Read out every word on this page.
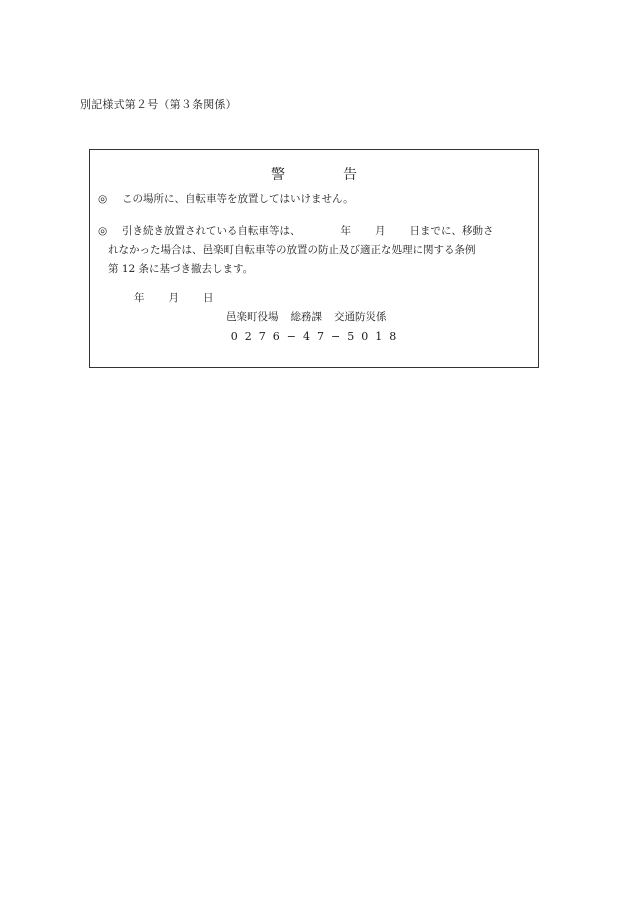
別記様式第２号（第３条関係）
警	告
◎ この場所に、自転車等を放置してはいけません。
◎ 引き続き放置されている自転車等は、	年 月 日までに、移動さ
れなかった場合は、邑楽町自転車等の放置の防止及び適正な処理に関する条例
第 12 条に基づき撤去します。
年 月 日
邑楽町役場 総務課 交通防災係
0276−47−5018
